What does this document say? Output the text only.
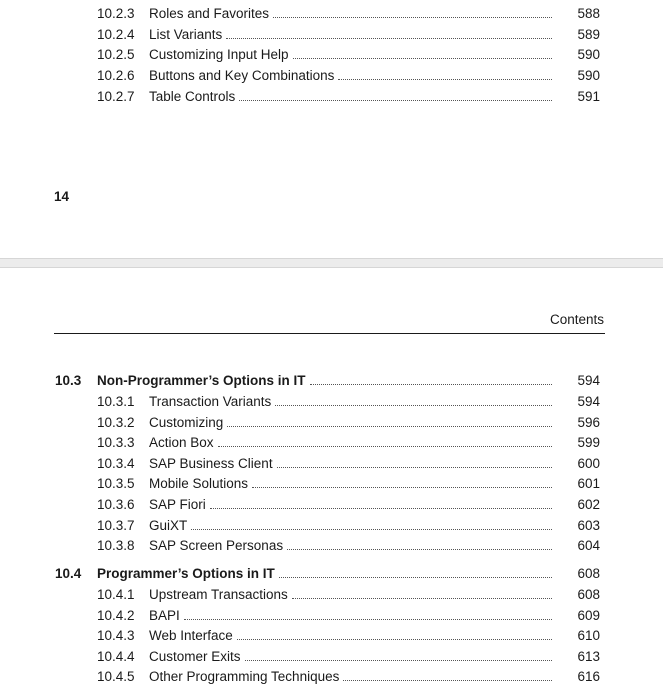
10.2.3	Roles and Favorites	588
10.2.4	List Variants	589
10.2.5	Customizing Input Help	590
10.2.6	Buttons and Key Combinations	590
10.2.7	Table Controls	591
14
Contents
10.3	Non-Programmer’s Options in IT	594
10.3.1	Transaction Variants	594
10.3.2	Customizing	596
10.3.3	Action Box	599
10.3.4	SAP Business Client	600
10.3.5	Mobile Solutions	601
10.3.6	SAP Fiori	602
10.3.7	GuiXT	603
10.3.8	SAP Screen Personas	604
10.4	Programmer’s Options in IT	608
10.4.1	Upstream Transactions	608
10.4.2	BAPI	609
10.4.3	Web Interface	610
10.4.4	Customer Exits	613
10.4.5	Other Programming Techniques	616
